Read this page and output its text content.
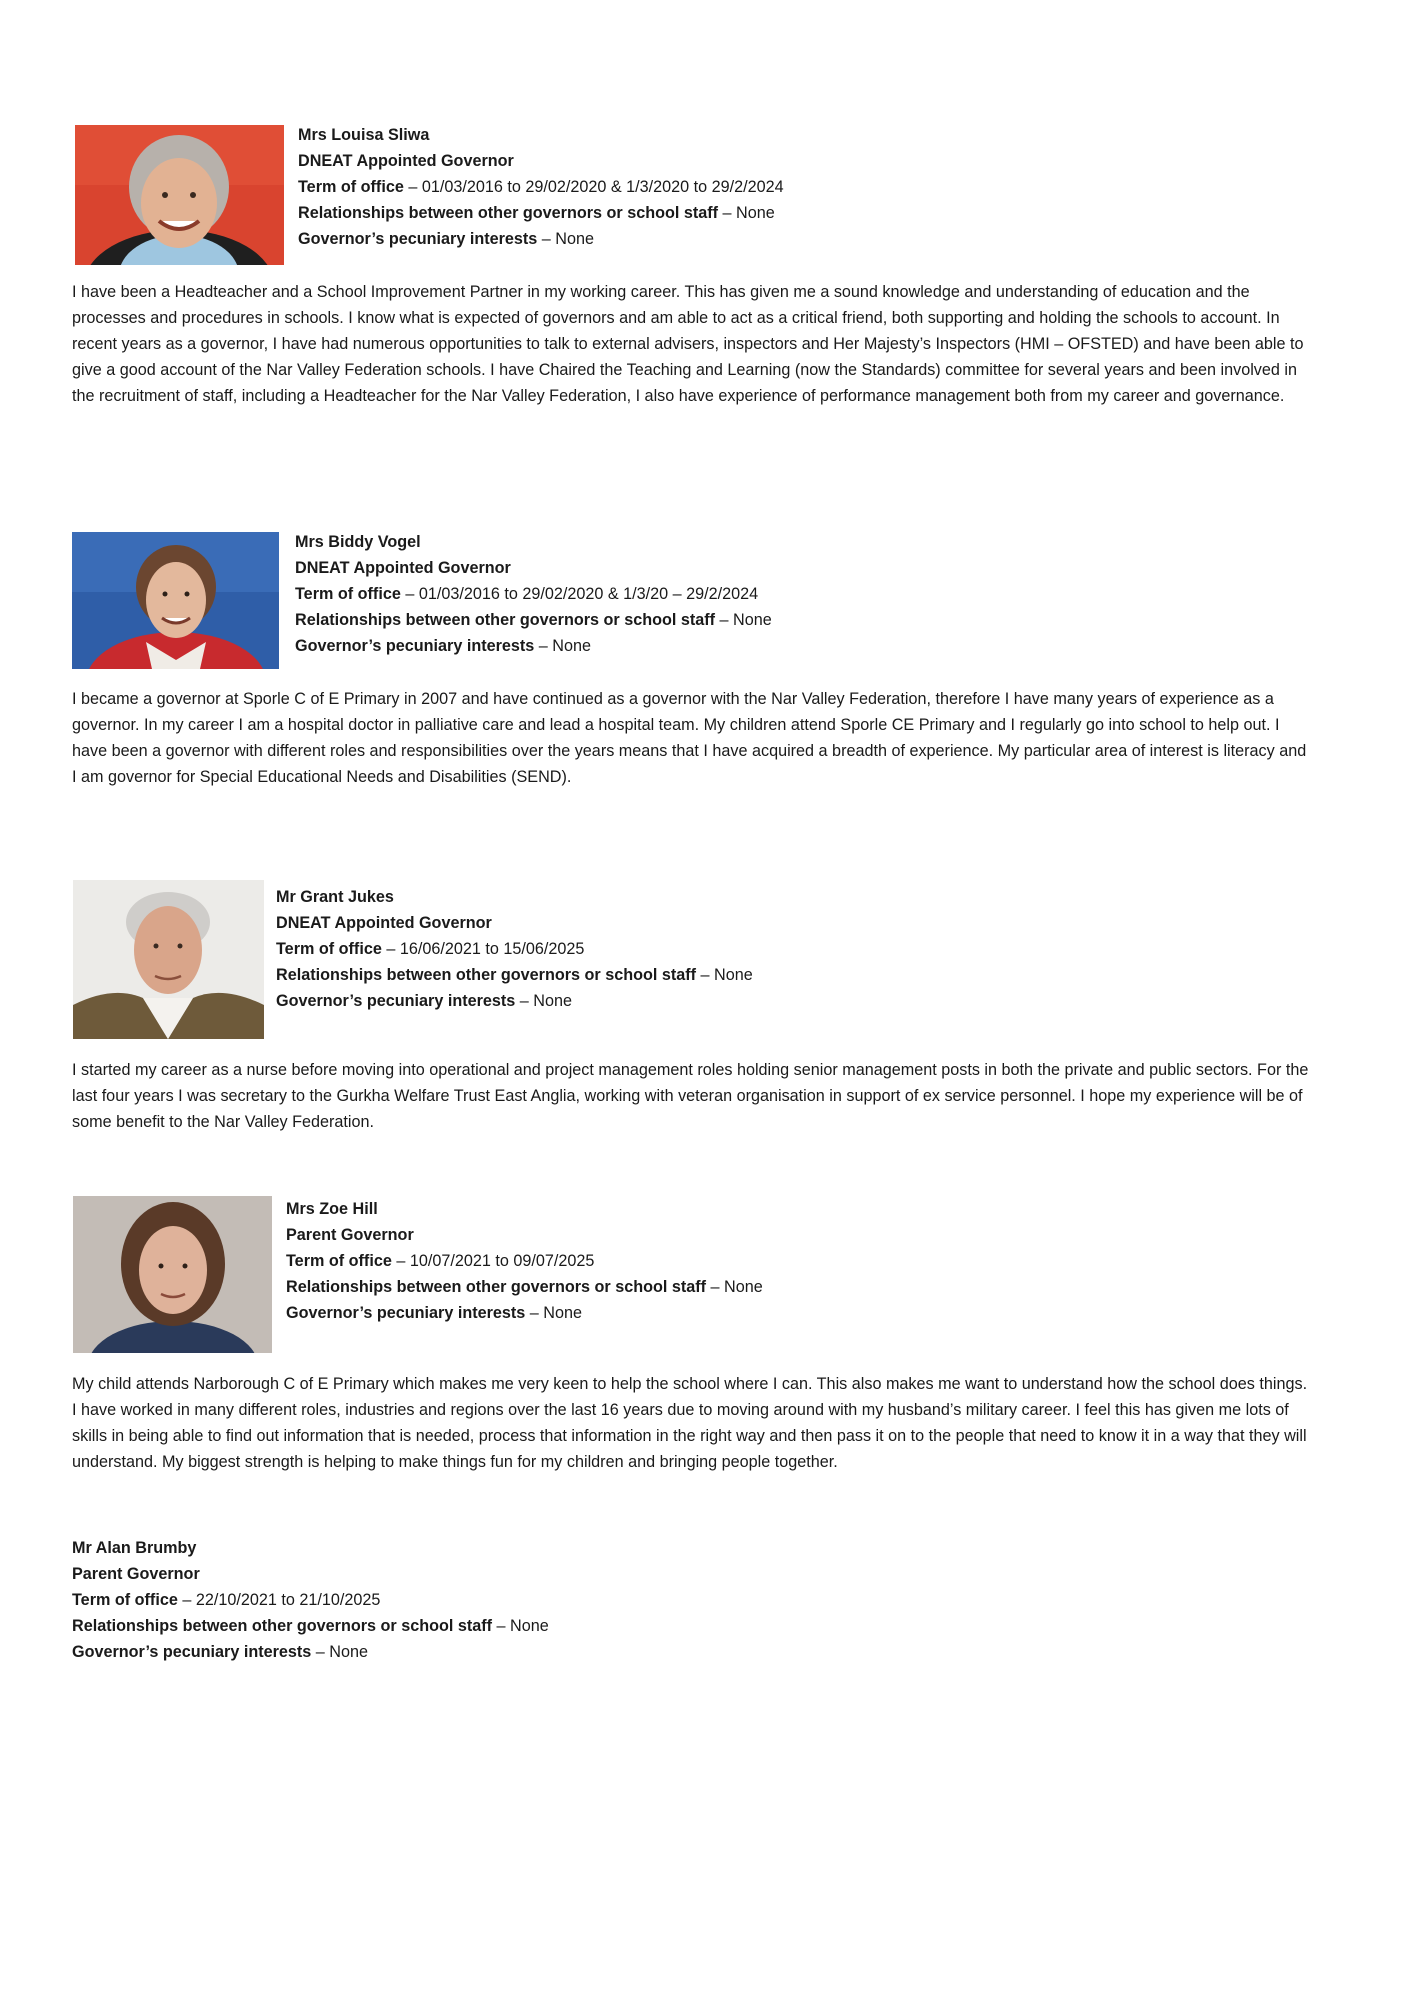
Mrs Louisa Sliwa
DNEAT Appointed Governor
Term of office – 01/03/2016 to 29/02/2020 & 1/3/2020 to 29/2/2024
Relationships between other governors or school staff – None
Governor’s pecuniary interests – None

I have been a Headteacher and a School Improvement Partner in my working career. This has given me a sound knowledge and understanding of education and the processes and procedures in schools. I know what is expected of governors and am able to act as a critical friend, both supporting and holding the schools to account. In recent years as a governor, I have had numerous opportunities to talk to external advisers, inspectors and Her Majesty’s Inspectors (HMI – OFSTED) and have been able to give a good account of the Nar Valley Federation schools. I have Chaired the Teaching and Learning (now the Standards) committee for several years and been involved in the recruitment of staff, including a Headteacher for the Nar Valley Federation, I also have experience of performance management both from my career and governance.

Mrs Biddy Vogel
DNEAT Appointed Governor
Term of office – 01/03/2016 to 29/02/2020 & 1/3/20 – 29/2/2024
Relationships between other governors or school staff – None
Governor’s pecuniary interests – None

I became a governor at Sporle C of E Primary in 2007 and have continued as a governor with the Nar Valley Federation, therefore I have many years of experience as a governor. In my career I am a hospital doctor in palliative care and lead a hospital team. My children attend Sporle CE Primary and I regularly go into school to help out. I have been a governor with different roles and responsibilities over the years means that I have acquired a breadth of experience. My particular area of interest is literacy and I am governor for Special Educational Needs and Disabilities (SEND).

Mr Grant Jukes
DNEAT Appointed Governor
Term of office – 16/06/2021 to 15/06/2025
Relationships between other governors or school staff – None
Governor’s pecuniary interests – None

I started my career as a nurse before moving into operational and project management roles holding senior management posts in both the private and public sectors. For the last four years I was secretary to the Gurkha Welfare Trust East Anglia, working with veteran organisation in support of ex service personnel. I hope my experience will be of some benefit to the Nar Valley Federation.

Mrs Zoe Hill
Parent Governor
Term of office – 10/07/2021 to 09/07/2025
Relationships between other governors or school staff – None
Governor’s pecuniary interests – None

My child attends Narborough C of E Primary which makes me very keen to help the school where I can. This also makes me want to understand how the school does things. I have worked in many different roles, industries and regions over the last 16 years due to moving around with my husband’s military career. I feel this has given me lots of skills in being able to find out information that is needed, process that information in the right way and then pass it on to the people that need to know it in a way that they will understand. My biggest strength is helping to make things fun for my children and bringing people together.

Mr Alan Brumby
Parent Governor
Term of office – 22/10/2021 to 21/10/2025
Relationships between other governors or school staff – None
Governor’s pecuniary interests – None
